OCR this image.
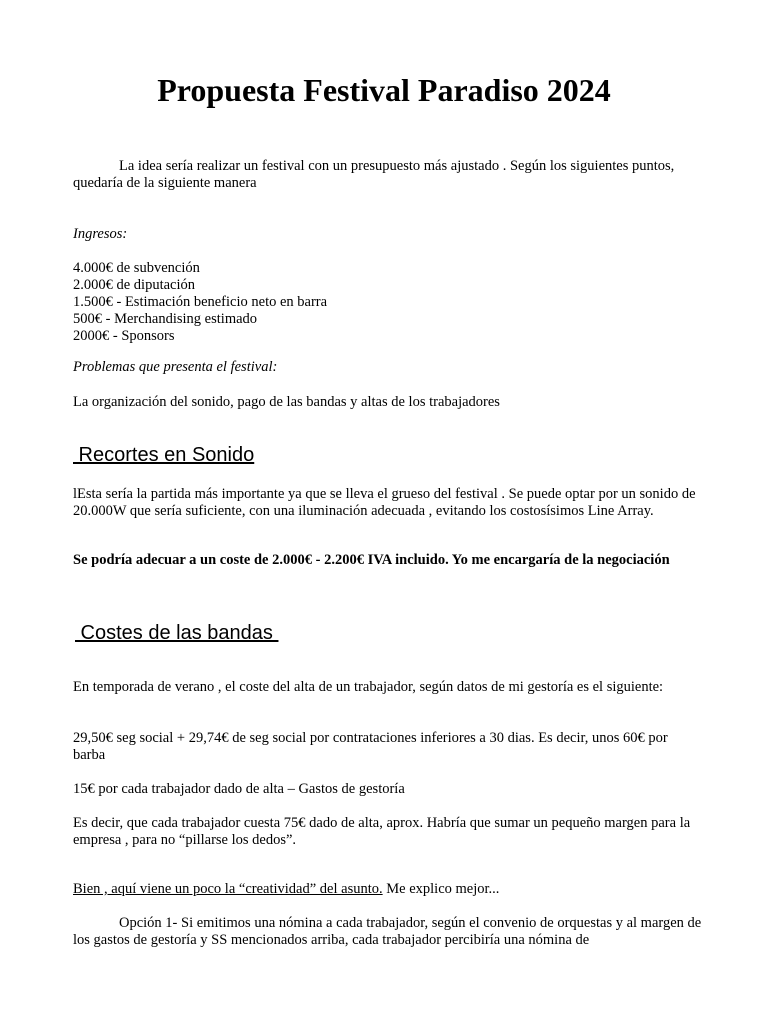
Propuesta Festival Paradiso 2024

La idea sería realizar un festival con un presupuesto más ajustado . Según los siguientes puntos, quedaría de la siguiente manera

Ingresos:

4.000€ de subvención
2.000€ de diputación
1.500€ - Estimación beneficio neto en barra
500€ - Merchandising estimado
2000€ - Sponsors

Problemas que presenta el festival:

La organización del sonido, pago de las bandas y altas de los trabajadores

Recortes en Sonido

lEsta sería la partida más importante ya que se lleva el grueso del festival . Se puede optar por un sonido de 20.000W que sería suficiente, con una iluminación adecuada , evitando los costosísimos Line Array.

Se podría adecuar a un coste de 2.000€ - 2.200€ IVA incluido. Yo me encargaría de la negociación

Costes de las bandas

En temporada de verano , el coste del alta de un trabajador, según datos de mi gestoría es el siguiente:

29,50€ seg social + 29,74€ de seg social por contrataciones inferiores a 30 dias. Es decir, unos 60€ por barba

15€ por cada trabajador dado de alta – Gastos de gestoría

Es decir, que cada trabajador cuesta 75€ dado de alta, aprox. Habría que sumar un pequeño margen para la empresa , para no “pillarse los dedos”.

Bien , aquí viene un poco la “creatividad” del asunto. Me explico mejor...

Opción 1- Si emitimos una nómina a cada trabajador, según el convenio de orquestas y al margen de los gastos de gestoría y SS mencionados arriba, cada trabajador percibiría una nómina de
